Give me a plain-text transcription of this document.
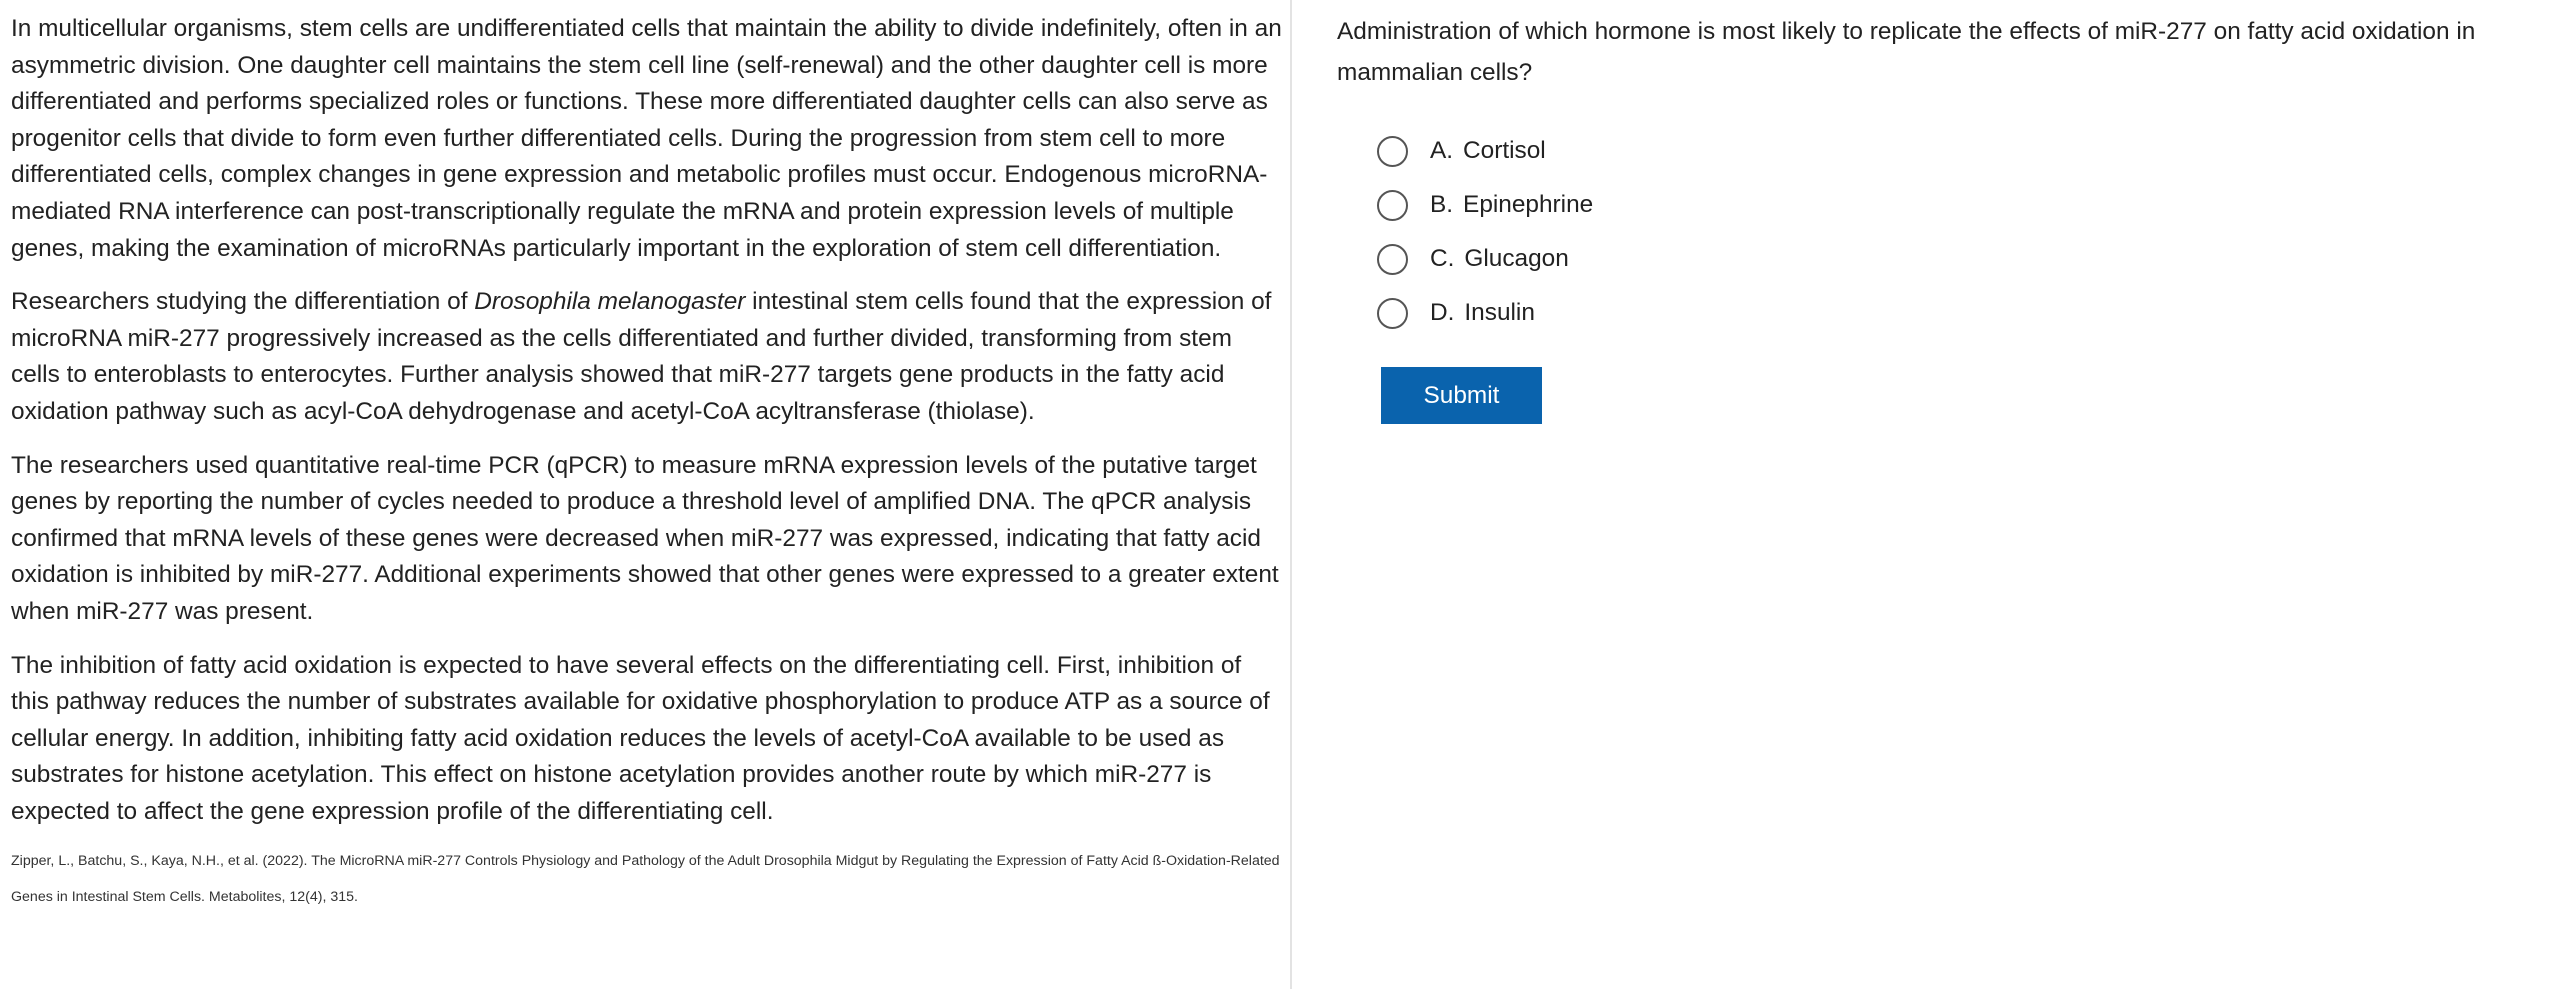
In multicellular organisms, stem cells are undifferentiated cells that maintain the ability to divide indefinitely, often in an asymmetric division. One daughter cell maintains the stem cell line (self-renewal) and the other daughter cell is more differentiated and performs specialized roles or functions. These more differentiated daughter cells can also serve as progenitor cells that divide to form even further differentiated cells. During the progression from stem cell to more differentiated cells, complex changes in gene expression and metabolic profiles must occur. Endogenous microRNA-mediated RNA interference can post-transcriptionally regulate the mRNA and protein expression levels of multiple genes, making the examination of microRNAs particularly important in the exploration of stem cell differentiation.

Researchers studying the differentiation of Drosophila melanogaster intestinal stem cells found that the expression of microRNA miR-277 progressively increased as the cells differentiated and further divided, transforming from stem cells to enteroblasts to enterocytes. Further analysis showed that miR-277 targets gene products in the fatty acid oxidation pathway such as acyl-CoA dehydrogenase and acetyl-CoA acyltransferase (thiolase).

The researchers used quantitative real-time PCR (qPCR) to measure mRNA expression levels of the putative target genes by reporting the number of cycles needed to produce a threshold level of amplified DNA. The qPCR analysis confirmed that mRNA levels of these genes were decreased when miR-277 was expressed, indicating that fatty acid oxidation is inhibited by miR-277. Additional experiments showed that other genes were expressed to a greater extent when miR-277 was present.

The inhibition of fatty acid oxidation is expected to have several effects on the differentiating cell. First, inhibition of this pathway reduces the number of substrates available for oxidative phosphorylation to produce ATP as a source of cellular energy. In addition, inhibiting fatty acid oxidation reduces the levels of acetyl-CoA available to be used as substrates for histone acetylation. This effect on histone acetylation provides another route by which miR-277 is expected to affect the gene expression profile of the differentiating cell.

Zipper, L., Batchu, S., Kaya, N.H., et al. (2022). The MicroRNA miR-277 Controls Physiology and Pathology of the Adult Drosophila Midgut by Regulating the Expression of Fatty Acid ß-Oxidation-Related Genes in Intestinal Stem Cells. Metabolites, 12(4), 315.

Administration of which hormone is most likely to replicate the effects of miR-277 on fatty acid oxidation in mammalian cells?

A. Cortisol
B. Epinephrine
C. Glucagon
D. Insulin
Submit
